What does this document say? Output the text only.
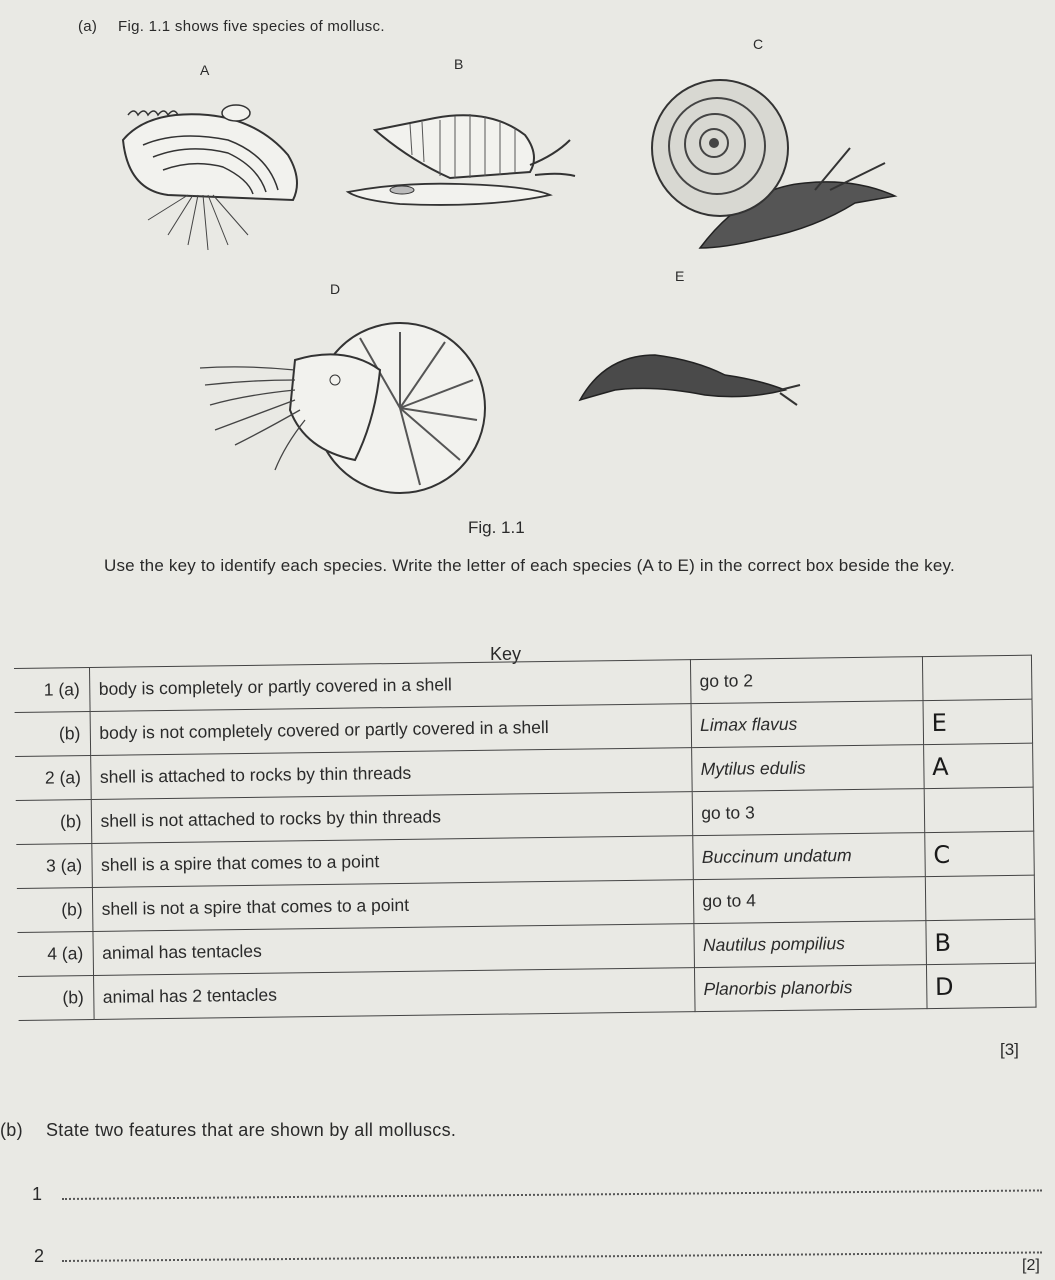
(a) Fig. 1.1 shows five species of mollusc.
A	B
C
D
E
Fig. 1.1
Use the key to identify each species. Write the letter of each species (A to E) in the correct box beside the key.
Key
1 (a)	body is completely or partly covered in a shell	go to 2	
(b)	body is not completely covered or partly covered in a shell	Limax flavus	E
2 (a)	shell is attached to rocks by thin threads	Mytilus edulis	A
(b)	shell is not attached to rocks by thin threads	go to 3	
3 (a)	shell is a spire that comes to a point	Buccinum undatum	C
(b)	shell is not a spire that comes to a point	go to 4	
4 (a)	animal has tentacles	Nautilus pompilius	B
(b)	animal has 2 tentacles	Planorbis planorbis	D
[3]
(b) State two features that are shown by all molluscs.
1
2	[2]
